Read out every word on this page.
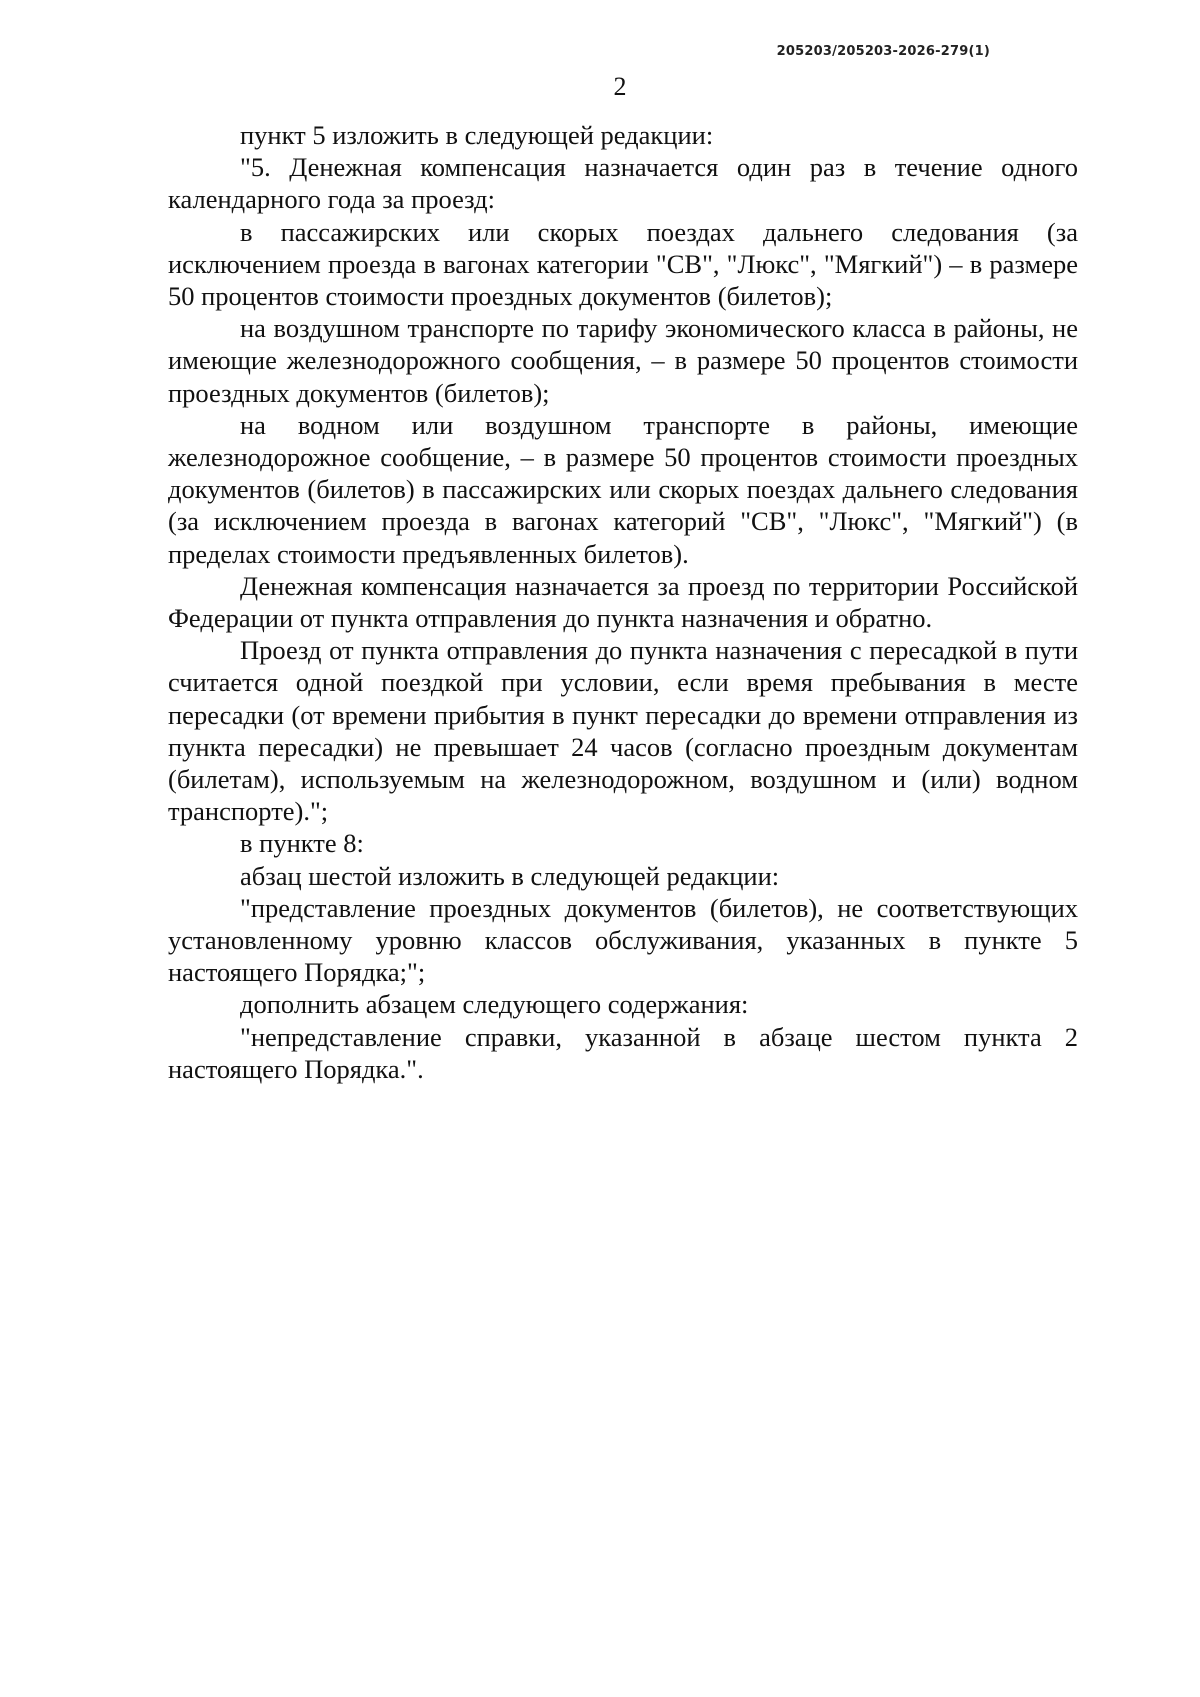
205203/205203-2026-279(1)
2

пункт 5 изложить в следующей редакции:

"5. Денежная компенсация назначается один раз в течение одного календарного года за проезд:

в пассажирских или скорых поездах дальнего следования (за исключением проезда в вагонах категории "СВ", "Люкс", "Мягкий") – в размере 50 процентов стоимости проездных документов (билетов);

на воздушном транспорте по тарифу экономического класса в районы, не имеющие железнодорожного сообщения, – в размере 50 процентов стоимости проездных документов (билетов);

на водном или воздушном транспорте в районы, имеющие железнодорожное сообщение, – в размере 50 процентов стоимости проездных документов (билетов) в пассажирских или скорых поездах дальнего следования (за исключением проезда в вагонах категорий "СВ", "Люкс", "Мягкий") (в пределах стоимости предъявленных билетов).

Денежная компенсация назначается за проезд по территории Российской Федерации от пункта отправления до пункта назначения и обратно.

Проезд от пункта отправления до пункта назначения с пересадкой в пути считается одной поездкой при условии, если время пребывания в месте пересадки (от времени прибытия в пункт пересадки до времени отправления из пункта пересадки) не превышает 24 часов (согласно проездным документам (билетам), используемым на железнодорожном, воздушном и (или) водном транспорте).";

в пункте 8:

абзац шестой изложить в следующей редакции:

"представление проездных документов (билетов), не соответствующих установленному уровню классов обслуживания, указанных в пункте 5 настоящего Порядка;";

дополнить абзацем следующего содержания:

"непредставление справки, указанной в абзаце шестом пункта 2 настоящего Порядка.".
